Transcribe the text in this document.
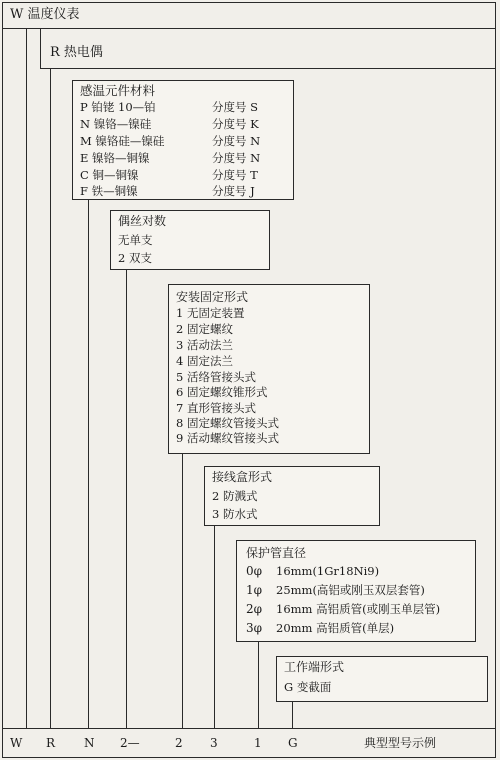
W 温度仪表
R 热电偶
感温元件材料
P 铂铑 10—铂	分度号 S
N 镍铬—镍硅	分度号 K
M 镍铬硅—镍硅	分度号 N
E 镍铬—铜镍	分度号 N
C 铜—铜镍	分度号 T
F 铁—铜镍	分度号 J
偶丝对数
无单支
2 双支
安装固定形式
1 无固定装置
2 固定螺纹
3 活动法兰
4 固定法兰
5 活络管接头式
6 固定螺纹锥形式
7 直形管接头式
8 固定螺纹管接头式
9 活动螺纹管接头式
接线盒形式
2 防溅式
3 防水式
保护管直径
0φ 16mm(1Gr18Ni9)
1φ 25mm(高铝或刚玉双层套管)
2φ 16mm 高铝质管(或刚玉单层管)
3φ 20mm 高铝质管(单层)
工作端形式
G 变截面
W R N 2—	2 3	1 G	典型型号示例
